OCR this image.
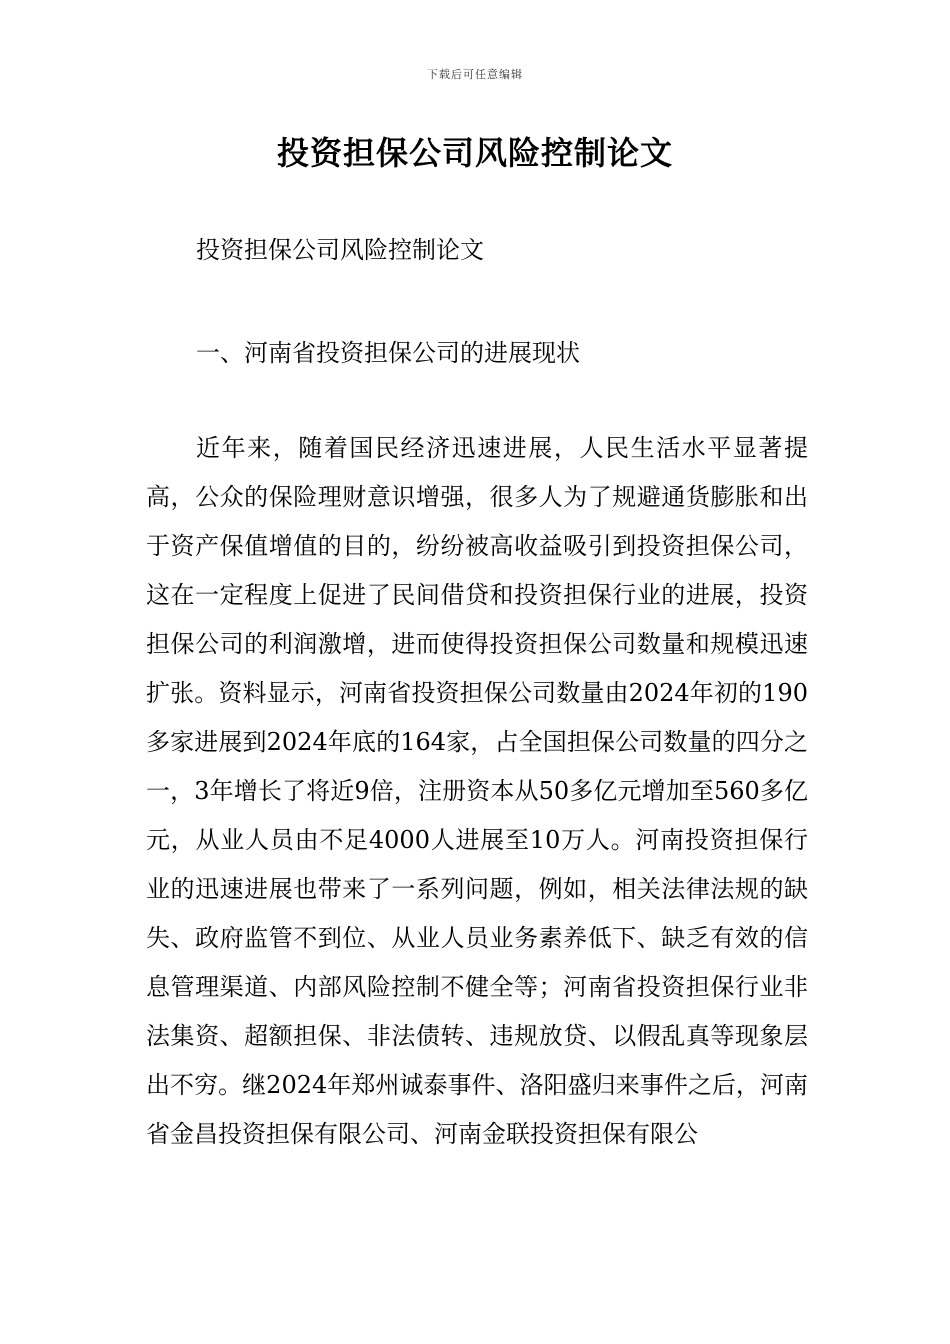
下载后可任意编辑
投资担保公司风险控制论文
投资担保公司风险控制论文
一、河南省投资担保公司的进展现状

近年来，随着国民经济迅速进展，人民生活水平显著提高，公众的保险理财意识增强，很多人为了规避通货膨胀和出于资产保值增值的目的，纷纷被高收益吸引到投资担保公司，这在一定程度上促进了民间借贷和投资担保行业的进展，投资担保公司的利润激增，进而使得投资担保公司数量和规模迅速扩张。资料显示，河南省投资担保公司数量由2024年初的190多家进展到2024年底的164家，占全国担保公司数量的四分之一，3年增长了将近9倍，注册资本从50多亿元增加至560多亿元，从业人员由不足4000人进展至10万人。河南投资担保行业的迅速进展也带来了一系列问题，例如，相关法律法规的缺失、政府监管不到位、从业人员业务素养低下、缺乏有效的信息管理渠道、内部风险控制不健全等；河南省投资担保行业非法集资、超额担保、非法债转、违规放贷、以假乱真等现象层出不穷。继2024年郑州诚泰事件、洛阳盛归来事件之后，河南省金昌投资担保有限公司、河南金联投资担保有限公
